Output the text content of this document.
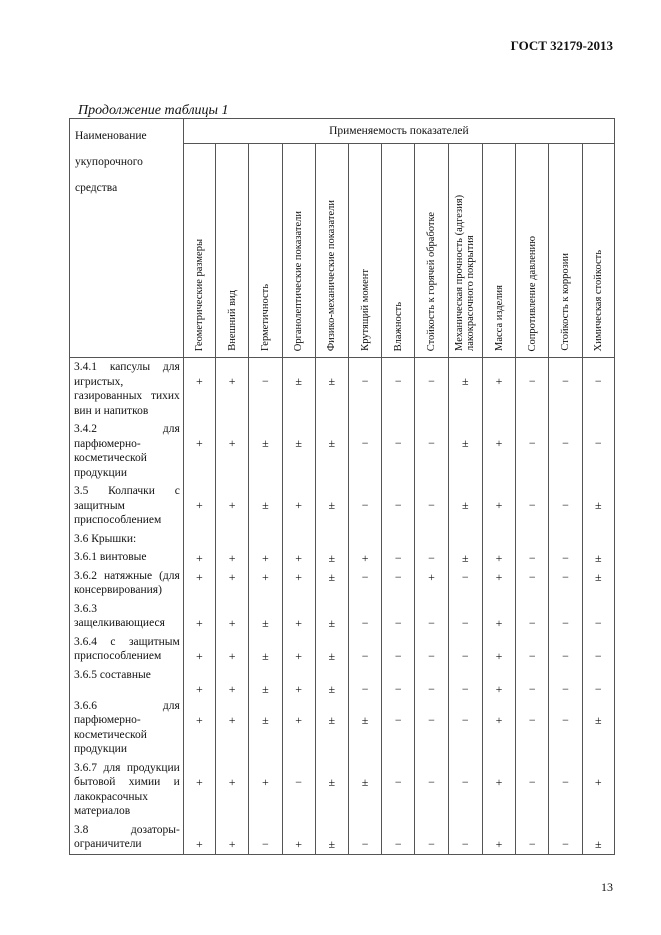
ГОСТ 32179-2013
Продолжение таблицы 1
Наименование укупорочного средства	Применяемость показателей												
	Геометрические размеры	Внешний вид	Герметичность	Органолептические показатели	Физико-механические показатели	Крутящий момент	Влажность	Стойкость к горячей обработке	Механическая прочность (адгезия) лакокрасочного покрытия	Масса изделия	Сопротивление давлению	Стойкость к коррозии	Химическая стойкость
3.4.1 капсулы для игристых, газированных тихих вин и напитков	+	+	−	±	±	−	−	−	±	+	−	−	−
3.4.2 для парфюмерно-косметической продукции	+	+	±	±	±	−	−	−	±	+	−	−	−
3.5 Колпачки с защитным приспособлением	+	+	±	+	±	−	−	−	±	+	−	−	±
3.6 Крышки:													
3.6.1 винтовые	+	+	+	+	±	+	−	−	±	+	−	−	±
3.6.2 натяжные (для консервирования)	+	+	+	+	±	−	−	+	−	+	−	−	±
3.6.3 защелкивающиеся	+	+	±	+	±	−	−	−	−	+	−	−	−
3.6.4 с защитным приспособлением	+	+	±	+	±	−	−	−	−	+	−	−	−
3.6.5 составные	+	+	±	+	±	−	−	−	−	+	−	−	−
3.6.6 для парфюмерно-косметической продукции	+	+	±	+	±	±	−	−	−	+	−	−	±
3.6.7 для продукции бытовой химии и лакокрасочных материалов	+	+	+	−	±	±	−	−	−	+	−	−	+
3.8 дозаторы-ограничители	+	+	−	+	±	−	−	−	−	+	−	−	±
13
